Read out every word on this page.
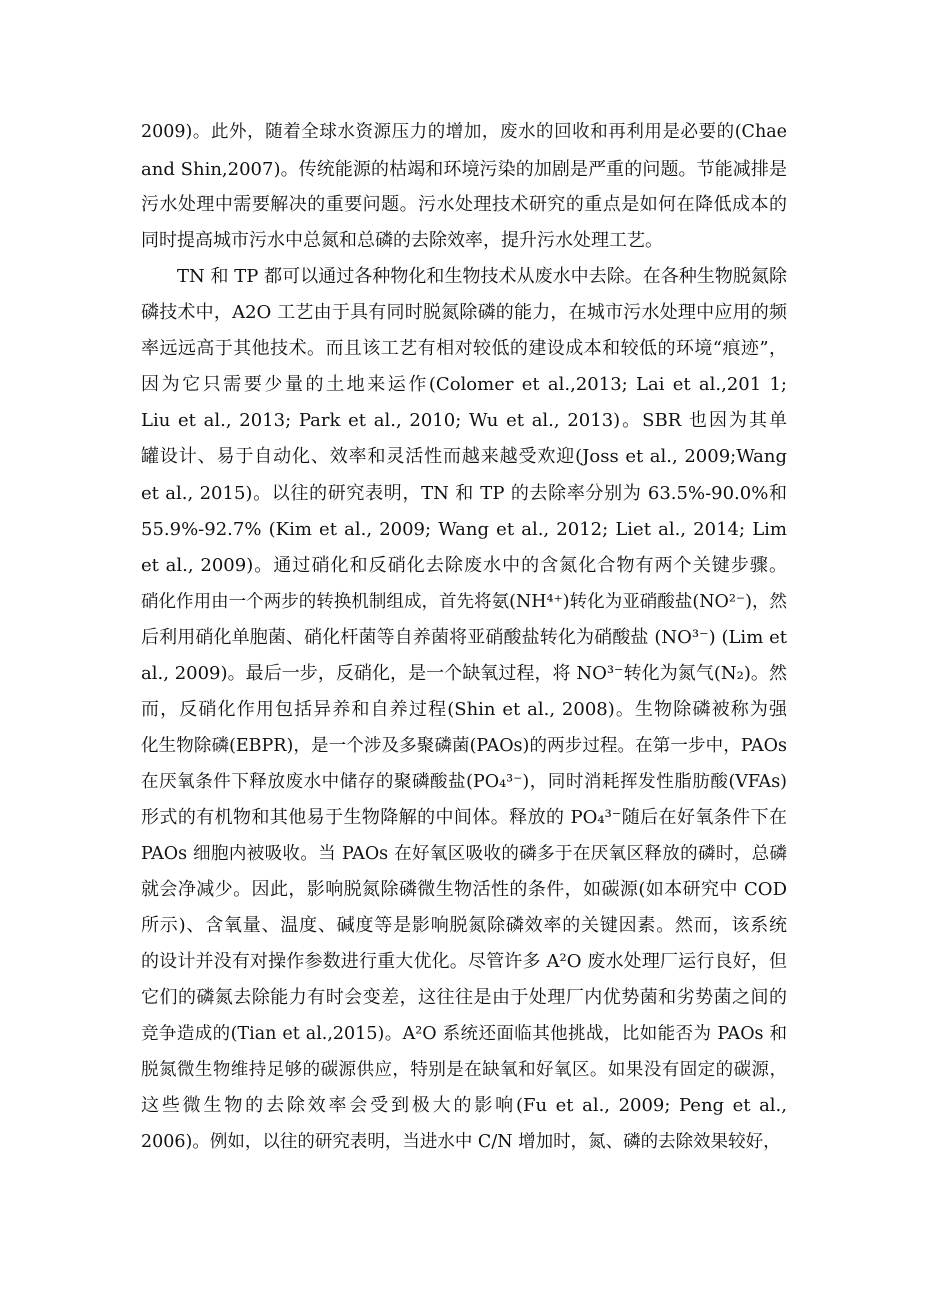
2009)。此外，随着全球水资源压力的增加，废水的回收和再利用是必要的(Chae
and Shin,2007)。传统能源的枯竭和环境污染的加剧是严重的问题。节能减排是
污水处理中需要解决的重要问题。污水处理技术研究的重点是如何在降低成本的
同时提高城市污水中总氮和总磷的去除效率，提升污水处理工艺。
TN 和 TP 都可以通过各种物化和生物技术从废水中去除。在各种生物脱氮除
磷技术中，A2O 工艺由于具有同时脱氮除磷的能力，在城市污水处理中应用的频
率远远高于其他技术。而且该工艺有相对较低的建设成本和较低的环境“痕迹”，
因为它只需要少量的土地来运作(Colomer et al.,2013; Lai et al.,201 1;
Liu et al., 2013; Park et al., 2010; Wu et al., 2013)。SBR 也因为其单
罐设计、易于自动化、效率和灵活性而越来越受欢迎(Joss et al., 2009;Wang
et al., 2015)。以往的研究表明，TN 和 TP 的去除率分别为 63.5%-90.0%和
55.9%-92.7% (Kim et al., 2009; Wang et al., 2012; Liet al., 2014; Lim
et al., 2009)。通过硝化和反硝化去除废水中的含氮化合物有两个关键步骤。
硝化作用由一个两步的转换机制组成，首先将氨(NH⁴⁺)转化为亚硝酸盐(NO²⁻)，然
后利用硝化单胞菌、硝化杆菌等自养菌将亚硝酸盐转化为硝酸盐 (NO³⁻) (Lim et
al., 2009)。最后一步，反硝化，是一个缺氧过程，将 NO³⁻转化为氮气(N₂)。然
而，反硝化作用包括异养和自养过程(Shin et al., 2008)。生物除磷被称为强
化生物除磷(EBPR)，是一个涉及多聚磷菌(PAOs)的两步过程。在第一步中，PAOs
在厌氧条件下释放废水中储存的聚磷酸盐(PO₄³⁻)，同时消耗挥发性脂肪酸(VFAs)
形式的有机物和其他易于生物降解的中间体。释放的 PO₄³⁻随后在好氧条件下在
PAOs 细胞内被吸收。当 PAOs 在好氧区吸收的磷多于在厌氧区释放的磷时，总磷
就会净减少。因此，影响脱氮除磷微生物活性的条件，如碳源(如本研究中 COD
所示)、含氧量、温度、碱度等是影响脱氮除磷效率的关键因素。然而，该系统
的设计并没有对操作参数进行重大优化。尽管许多 A²O 废水处理厂运行良好，但
它们的磷氮去除能力有时会变差，这往往是由于处理厂内优势菌和劣势菌之间的
竞争造成的(Tian et al.,2015)。A²O 系统还面临其他挑战，比如能否为 PAOs 和
脱氮微生物维持足够的碳源供应，特别是在缺氧和好氧区。如果没有固定的碳源，
这些微生物的去除效率会受到极大的影响(Fu et al., 2009; Peng et al.,
2006)。例如，以往的研究表明，当进水中 C/N 增加时，氮、磷的去除效果较好，
